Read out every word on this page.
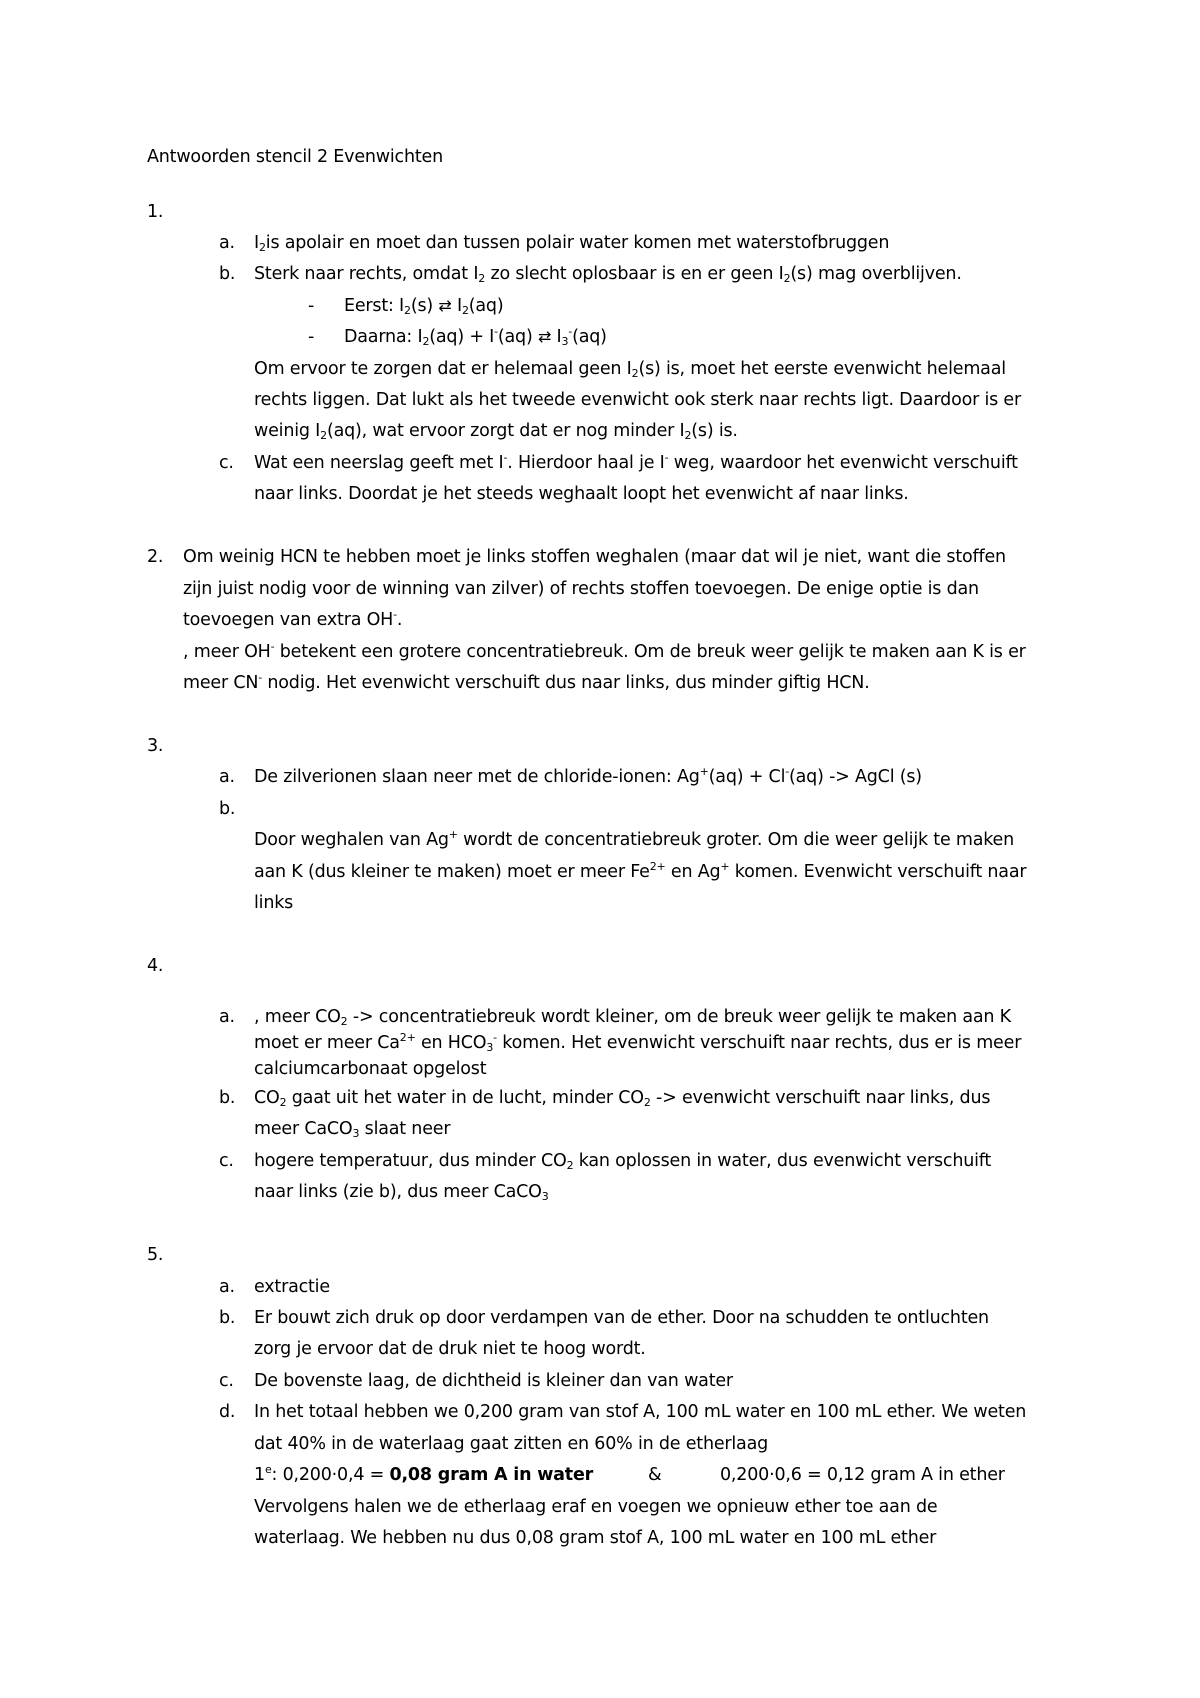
Antwoorden stencil 2 Evenwichten
1.
a. $I_2is$ apolair en moet dan tussen polair water komen met waterstofbruggen
b. Sterk naar rechts, omdat $I_2$ zo slecht oplosbaar is en er geen $I_2(s)$ mag overblijven.
- Eerst: $I_2(s)$ ⇄ $I_2(aq)$
- Daarna: $I_2(aq) + I^-(aq)$ ⇄ $I_3^-(aq)$
Om ervoor te zorgen dat er helemaal geen $I_2(s)$ is, moet het eerste evenwicht helemaal
rechts liggen. Dat lukt als het tweede evenwicht ook sterk naar rechts ligt. Daardoor is er
weinig $I_2(aq)$, wat ervoor zorgt dat er nog minder $I_2(s)$ is.
c. Wat een neerslag geeft met I-. Hierdoor haal je I- weg, waardoor het evenwicht verschuift
naar links. Doordat je het steeds weghaalt loopt het evenwicht af naar links.
2. Om weinig HCN te hebben moet je links stoffen weghalen (maar dat wil je niet, want die stoffen
zijn juist nodig voor de winning van zilver) of rechts stoffen toevoegen. De enige optie is dan
toevoegen van extra OH-.
, meer OH- betekent een grotere concentratiebreuk. Om de breuk weer gelijk te maken aan K is er
meer CN- nodig. Het evenwicht verschuift dus naar links, dus minder giftig HCN.
3.
a. De zilverionen slaan neer met de chloride-ionen: Ag+(aq) + Cl-(aq) -> AgCl (s)
b.
Door weghalen van Ag+ wordt de concentratiebreuk groter. Om die weer gelijk te maken
aan K (dus kleiner te maken) moet er meer $Fe^{2+}$ en Ag+ komen. Evenwicht verschuift naar
links
4.
a. , meer $CO_2$ -> concentratiebreuk wordt kleiner, om de breuk weer gelijk te maken aan K
moet er meer $Ca^{2+}$ en $HCO_3^-$ komen. Het evenwicht verschuift naar rechts, dus er is meer
calciumcarbonaat opgelost
b. $CO_2$ gaat uit het water in de lucht, minder $CO_2$ -> evenwicht verschuift naar links, dus
meer CaCO$_3$ slaat neer
c. hogere temperatuur, dus minder $CO_2$ kan oplossen in water, dus evenwicht verschuift
naar links (zie b), dus meer CaCO$_3$
5.
a. extractie
b. Er bouwt zich druk op door verdampen van de ether. Door na schudden te ontluchten
zorg je ervoor dat de druk niet te hoog wordt.
c. De bovenste laag, de dichtheid is kleiner dan van water
d. In het totaal hebben we 0,200 gram van stof A, 100 mL water en 100 mL ether. We weten
dat 40% in de waterlaag gaat zitten en 60% in de etherlaag
1e: 0,200·0,4 = 0,08 gram A in water	&	0,200·0,6 = 0,12 gram A in ether
Vervolgens halen we de etherlaag eraf en voegen we opnieuw ether toe aan de
waterlaag. We hebben nu dus 0,08 gram stof A, 100 mL water en 100 mL ether
